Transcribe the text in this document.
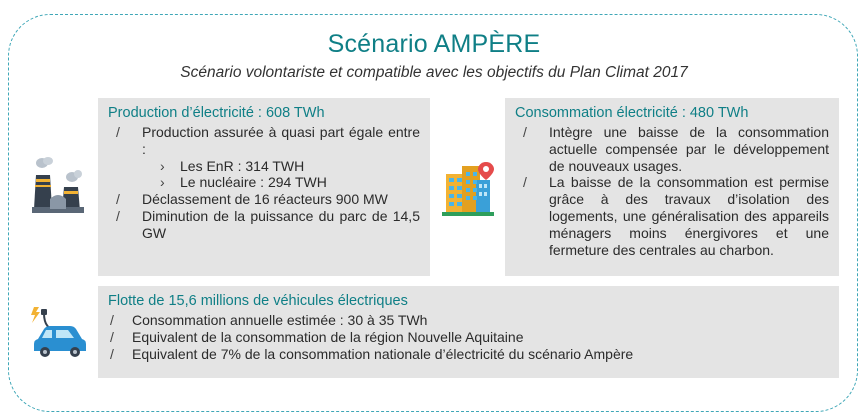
Scénario AMPÈRE
Scénario volontariste et compatible avec les objectifs du Plan Climat 2017
Production d’électricité : 608 TWh
/ Production assurée à quasi part égale entre :
› Les EnR : 314 TWH
› Le nucléaire : 294 TWH
/ Déclassement de 16 réacteurs 900 MW
/ Diminution de la puissance du parc de 14,5 GW
Consommation électricité : 480 TWh
/ Intègre une baisse de la consommation actuelle compensée par le développement de nouveaux usages.
/ La baisse de la consommation est permise grâce à des travaux d’isolation des logements, une généralisation des appareils ménagers moins énergivores et une fermeture des centrales au charbon.
Flotte de 15,6 millions de véhicules électriques
/ Consommation annuelle estimée : 30 à 35 TWh
/ Equivalent de la consommation de la région Nouvelle Aquitaine
/ Equivalent de 7% de la consommation nationale d’électricité du scénario Ampère
